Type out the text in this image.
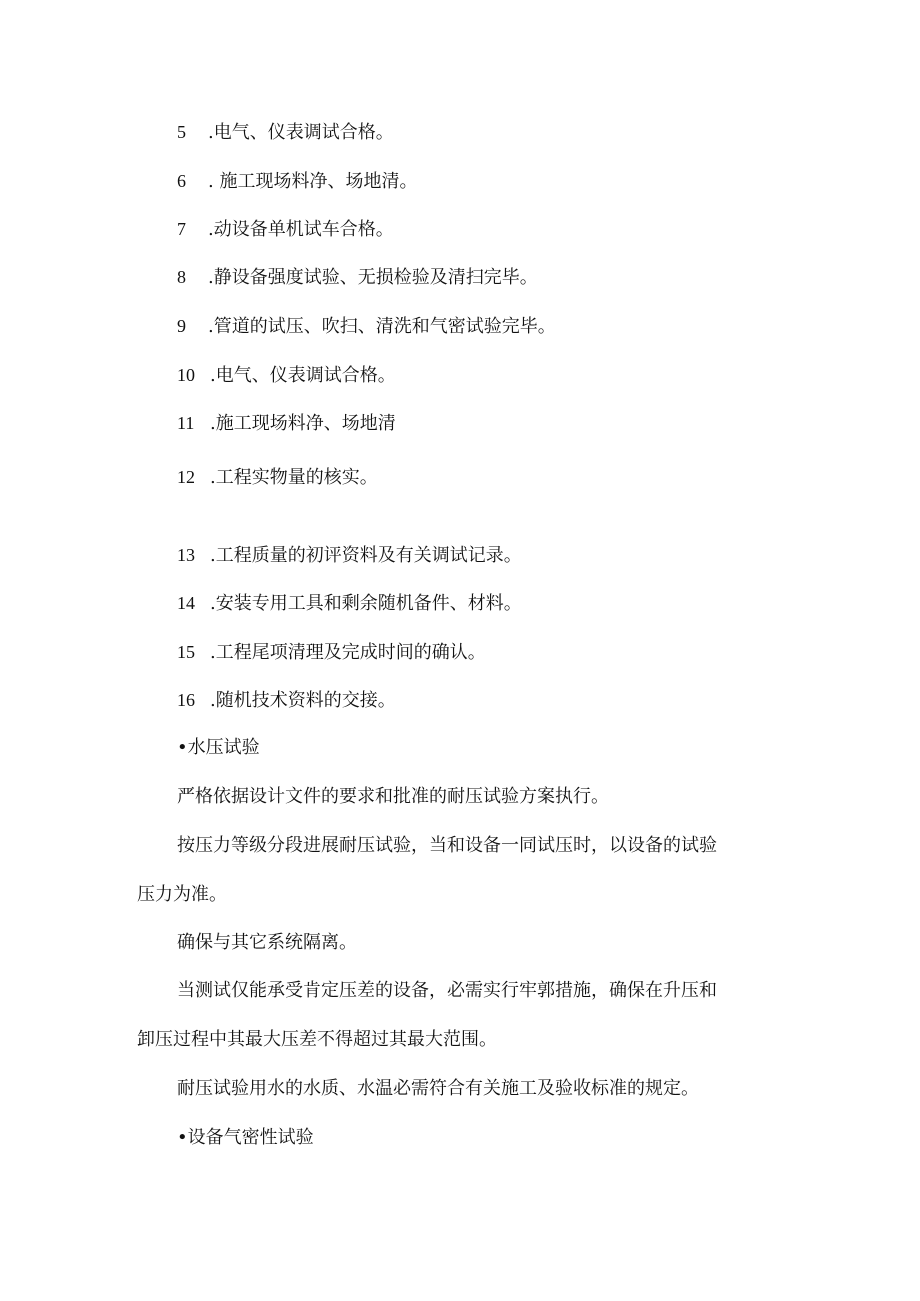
5 .电气、仪表调试合格。
6 . 施工现场料净、场地清。
7 .动设备单机试车合格。
8 .静设备强度试验、无损检验及清扫完毕。
9 .管道的试压、吹扫、清洗和气密试验完毕。
10 .电气、仪表调试合格。
11 .施工现场料净、场地清
12 .工程实物量的核实。
13 .工程质量的初评资料及有关调试记录。
14 .安装专用工具和剩余随机备件、材料。
15 .工程尾项清理及完成时间的确认。
16 .随机技术资料的交接。
•水压试验
严格依据设计文件的要求和批准的耐压试验方案执行。
按压力等级分段进展耐压试验，当和设备一同试压时，以设备的试验
压力为准。
确保与其它系统隔离。
当测试仅能承受肯定压差的设备，必需实行牢郭措施，确保在升压和
卸压过程中其最大压差不得超过其最大范围。
耐压试验用水的水质、水温必需符合有关施工及验收标准的规定。
•设备气密性试验
